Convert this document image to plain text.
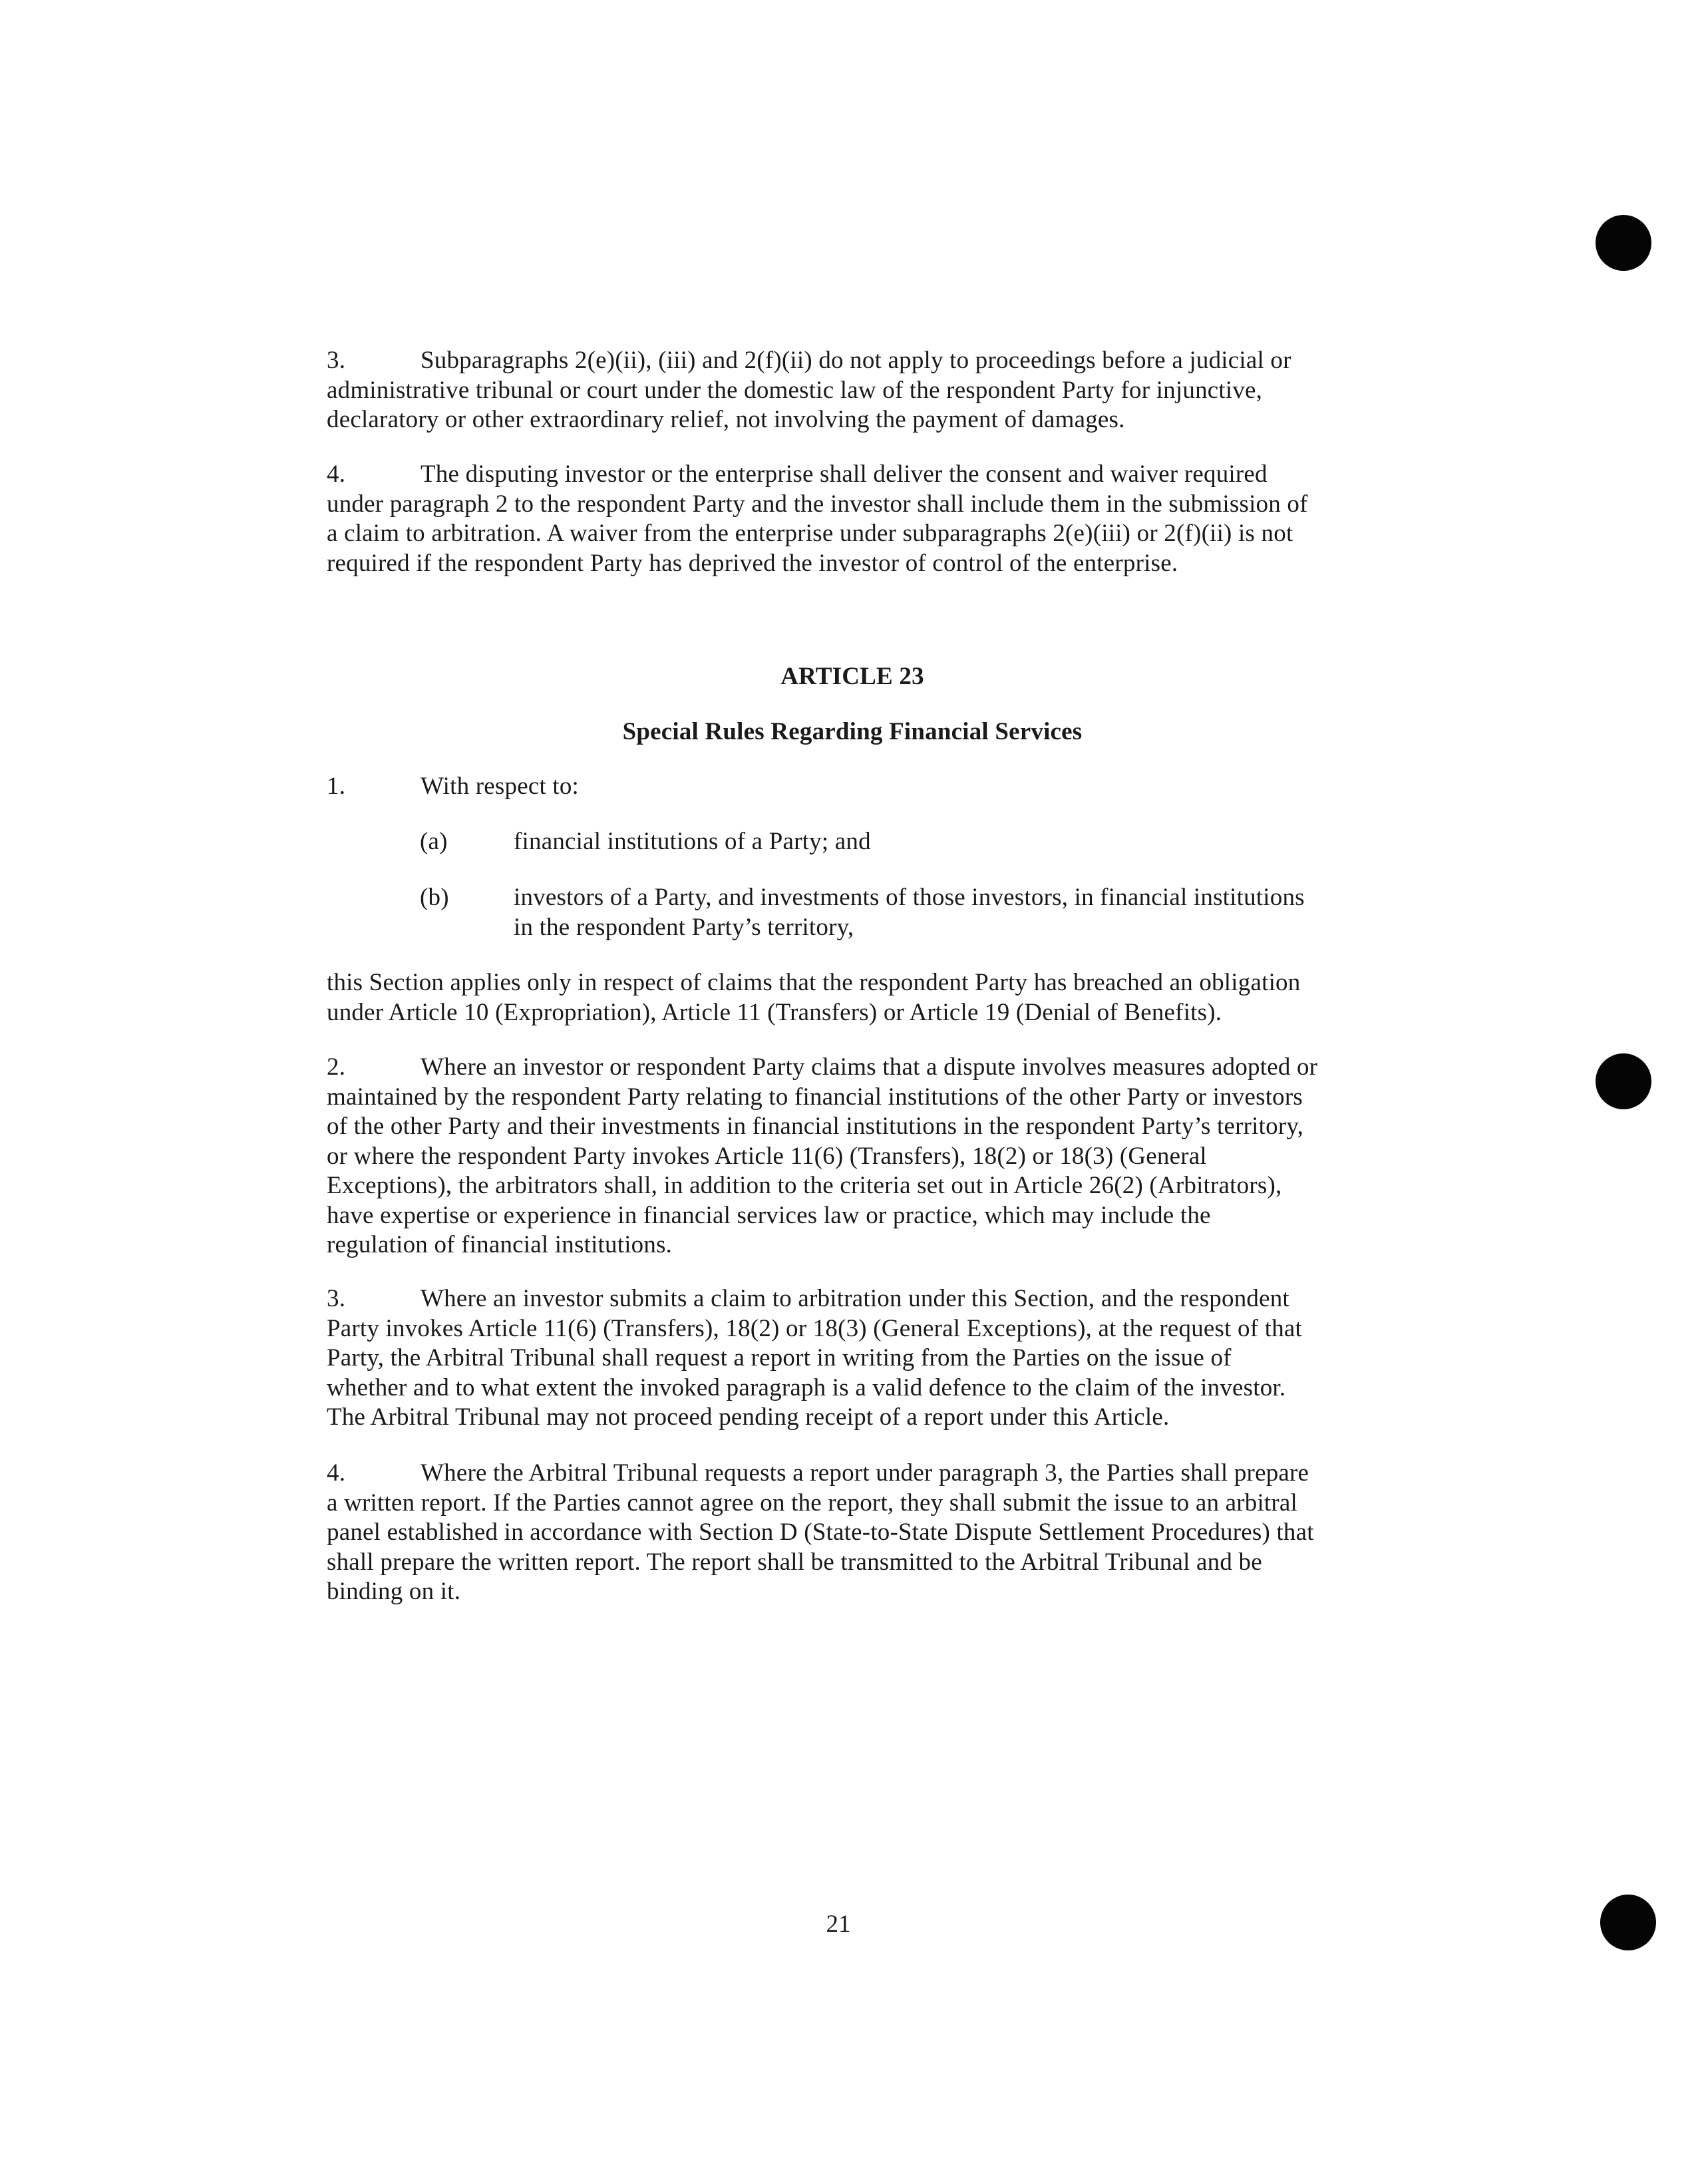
3.	Subparagraphs 2(e)(ii), (iii) and 2(f)(ii) do not apply to proceedings before a judicial or
administrative tribunal or court under the domestic law of the respondent Party for injunctive,
declaratory or other extraordinary relief, not involving the payment of damages.
4.	The disputing investor or the enterprise shall deliver the consent and waiver required
under paragraph 2 to the respondent Party and the investor shall include them in the submission of
a claim to arbitration. A waiver from the enterprise under subparagraphs 2(e)(iii) or 2(f)(ii) is not
required if the respondent Party has deprived the investor of control of the enterprise.
ARTICLE 23
Special Rules Regarding Financial Services
1.	With respect to:
(a)	financial institutions of a Party; and
(b)	investors of a Party, and investments of those investors, in financial institutions
in the respondent Party’s territory,
this Section applies only in respect of claims that the respondent Party has breached an obligation
under Article 10 (Expropriation), Article 11 (Transfers) or Article 19 (Denial of Benefits).
2.	Where an investor or respondent Party claims that a dispute involves measures adopted or
maintained by the respondent Party relating to financial institutions of the other Party or investors
of the other Party and their investments in financial institutions in the respondent Party’s territory,
or where the respondent Party invokes Article 11(6) (Transfers), 18(2) or 18(3) (General
Exceptions), the arbitrators shall, in addition to the criteria set out in Article 26(2) (Arbitrators),
have expertise or experience in financial services law or practice, which may include the
regulation of financial institutions.
3.	Where an investor submits a claim to arbitration under this Section, and the respondent
Party invokes Article 11(6) (Transfers), 18(2) or 18(3) (General Exceptions), at the request of that
Party, the Arbitral Tribunal shall request a report in writing from the Parties on the issue of
whether and to what extent the invoked paragraph is a valid defence to the claim of the investor.
The Arbitral Tribunal may not proceed pending receipt of a report under this Article.
4.	Where the Arbitral Tribunal requests a report under paragraph 3, the Parties shall prepare
a written report. If the Parties cannot agree on the report, they shall submit the issue to an arbitral
panel established in accordance with Section D (State-to-State Dispute Settlement Procedures) that
shall prepare the written report. The report shall be transmitted to the Arbitral Tribunal and be
binding on it.
21
